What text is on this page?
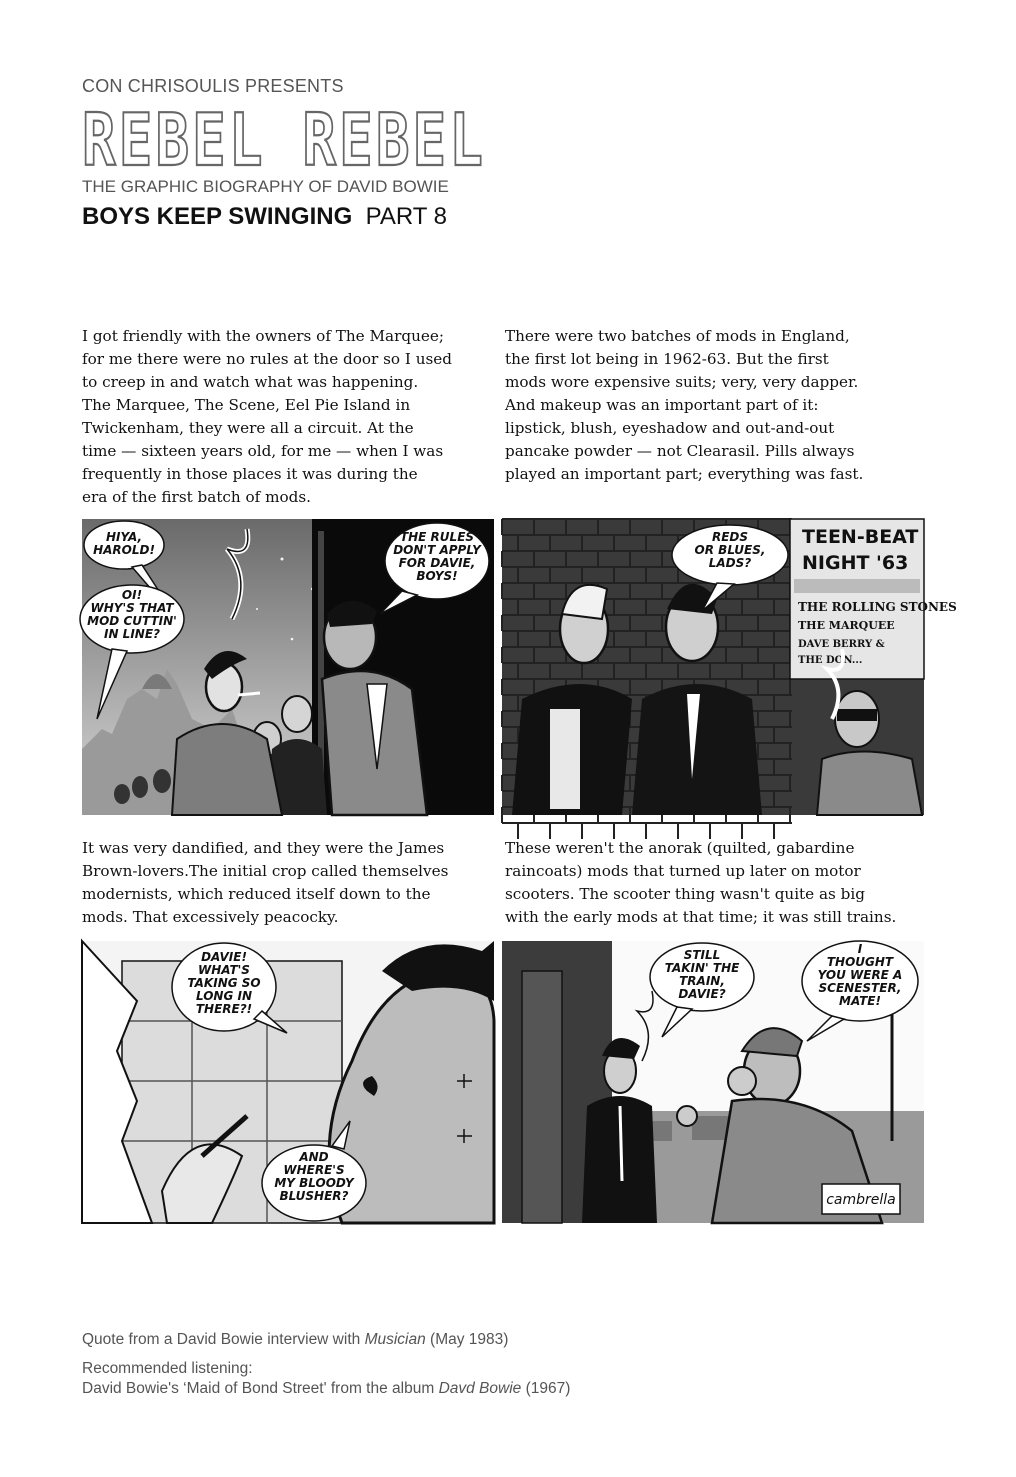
CON CHRISOULIS PRESENTS
REBEL REBEL
THE GRAPHIC BIOGRAPHY OF DAVID BOWIE
BOYS KEEP SWINGING PART 8
I got friendly with the owners of The Marquee;
for me there were no rules at the door so I used
to creep in and watch what was happening.
The Marquee, The Scene, Eel Pie Island in
Twickenham, they were all a circuit. At the
time — sixteen years old, for me — when I was
frequently in those places it was during the
era of the first batch of mods.
There were two batches of mods in England,
the first lot being in 1962-63. But the first
mods wore expensive suits; very, very dapper.
And makeup was an important part of it:
lipstick, blush, eyeshadow and out-and-out
pancake powder — not Clearasil. Pills always
played an important part; everything was fast.
It was very dandified, and they were the James
Brown-lovers.The initial crop called themselves
modernists, which reduced itself down to the
mods. That excessively peacocky.
These weren't the anorak (quilted, gabardine
raincoats) mods that turned up later on motor
scooters. The scooter thing wasn't quite as big
with the early mods at that time; it was still trains.
HIYA, HAROLD!
OI! WHY'S THAT MOD CUTTIN' IN LINE?
THE RULES DON'T APPLY FOR DAVIE, BOYS!
TEEN-BEAT
NIGHT '63
THE ROLLING STONES
THE MARQUEE
DAVE BERRY &
THE DON...
REDS OR BLUES, LADS?
DAVIE! WHAT'S TAKING SO LONG IN THERE?!
AND WHERE'S MY BLOODY BLUSHER?	cambrella
STILL TAKIN' THE TRAIN, DAVIE?
I THOUGHT YOU WERE A SCENESTER, MATE!
Quote from a David Bowie interview with Musician (May 1983)
Recommended listening:
David Bowie's ‘Maid of Bond Street' from the album Davd Bowie (1967)
